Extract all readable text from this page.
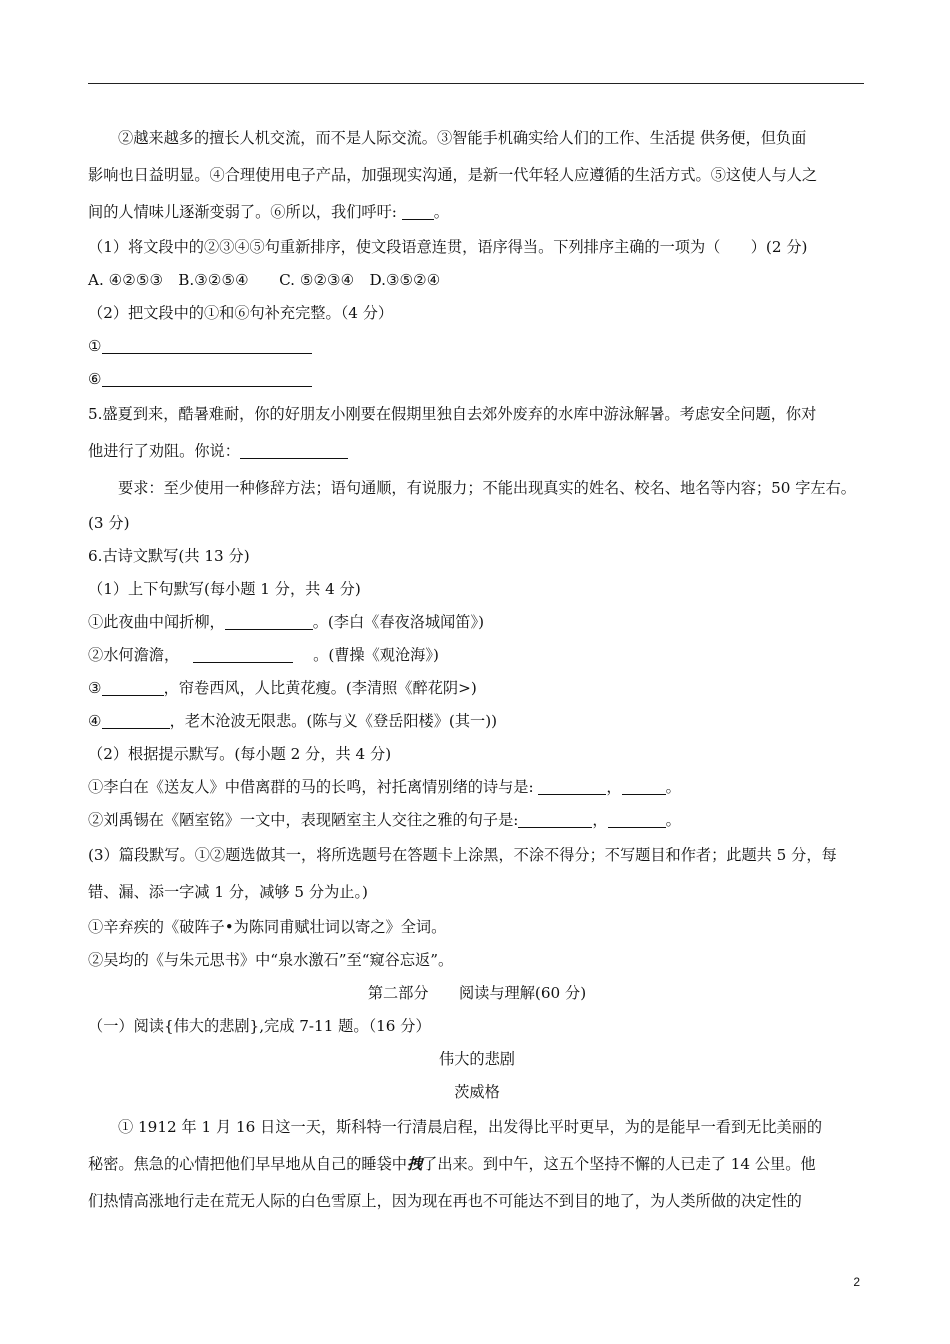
②越来越多的擅长人机交流，而不是人际交流。③智能手机确实给人们的工作、生活提 供务便，但负面
影响也日益明显。④合理使用电子产品，加强现实沟通，是新一代年轻人应遵循的生活方式。⑤这使人与人之
间的人情味儿逐渐变弱了。⑥所以，我们呼吁: 。
（1）将文段中的②③④⑤句重新排序，使文段语意连贯，语序得当。下列排序主确的一项为（　　）(2 分)
A. ④②⑤③　B.③②⑤④　　C. ⑤②③④　D.③⑤②④
（2）把文段中的①和⑥句补充完整。（4 分）
①
⑥
5.盛夏到来，酷暑难耐，你的好朋友小刚要在假期里独自去郊外废弃的水库中游泳解暑。考虑安全问题，你对
他进行了劝阻。你说：
要求：至少使用一种修辞方法；语句通顺，有说服力；不能出现真实的姓名、校名、地名等内容；50 字左右。
(3 分)
6.古诗文默写(共 13 分)
（1）上下句默写(每小题 1 分，共 4 分)
①此夜曲中闻折柳，	。(李白《春夜洛城闻笛》)
②水何澹澹，	。(曹操《观沧海》)
③	，帘卷西风，人比黄花瘦。(李清照《醉花阴>)
④	，老木沧波无限悲。(陈与义《登岳阳楼》(其一))
（2）根据提示默写。(每小题 2 分，共 4 分)
①李白在《送友人》中借离群的马的长鸣，衬托离情别绪的诗与是:	，	。
②刘禹锡在《陋室铭》一文中，表现陋室主人交往之雅的句子是:	，	。
(3）篇段默写。①②题选做其一，将所选题号在答题卡上涂黑，不涂不得分；不写题目和作者；此题共 5 分，每
错、漏、添一字减 1 分，减够 5 分为止。)
①辛弃疾的《破阵子•为陈同甫赋壮词以寄之》全词。
②吴均的《与朱元思书》中“泉水激石”至“窥谷忘返”。
第二部分　　阅读与理解(60 分)
（一）阅读{伟大的悲剧},完成 7-11 题。（16 分）
伟大的悲剧
茨威格
① 1912 年 1 月 16 日这一天，斯科特一行清晨启程，出发得比平时更早，为的是能早一看到无比美丽的
秘密。焦急的心情把他们早早地从自己的睡袋中拽了出来。到中午，这五个坚持不懈的人已走了 14 公里。他
们热情高涨地行走在荒无人际的白色雪原上，因为现在再也不可能达不到目的地了，为人类所做的决定性的
2
